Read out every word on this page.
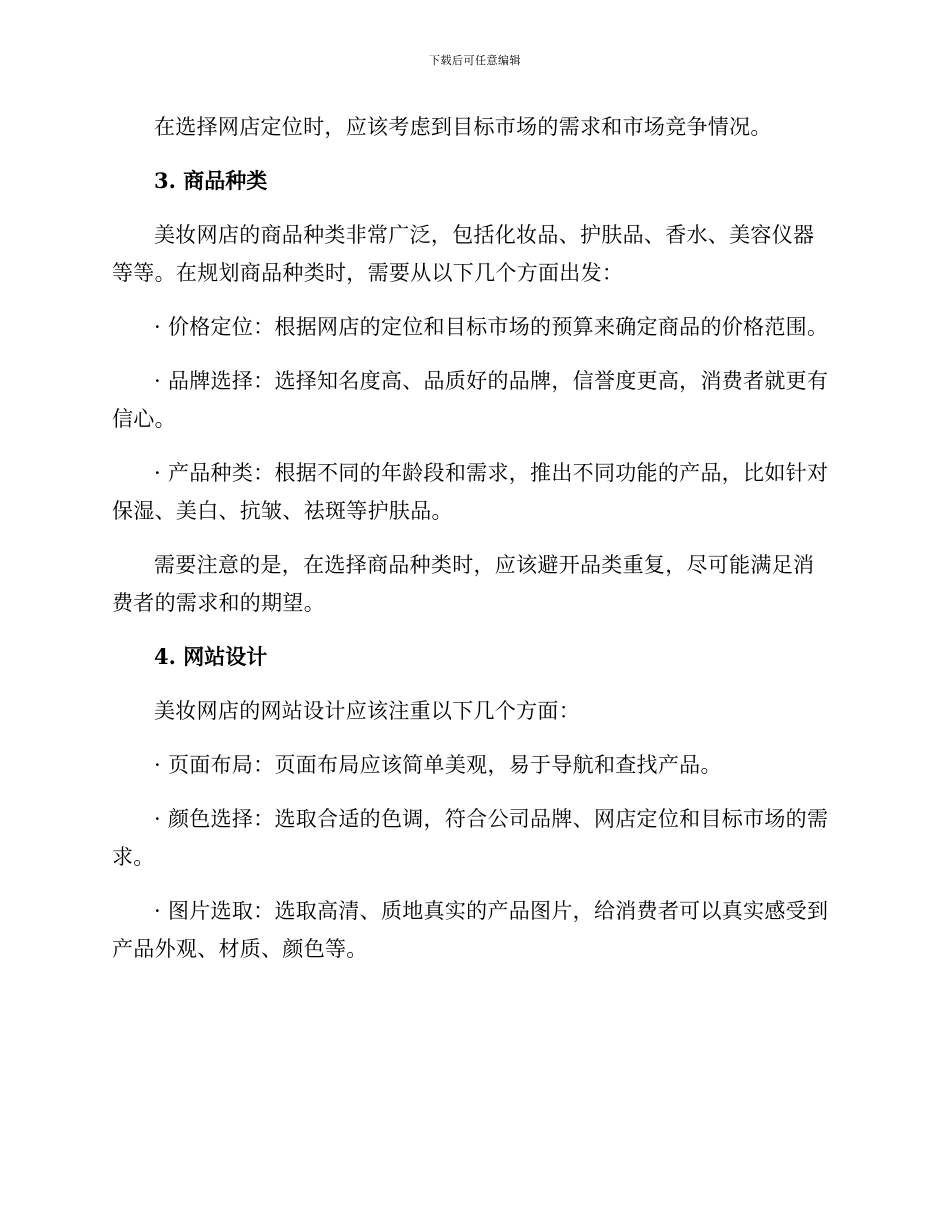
下载后可任意编辑

在选择网店定位时，应该考虑到目标市场的需求和市场竞争情况。

3. 商品种类

美妆网店的商品种类非常广泛，包括化妆品、护肤品、香水、美容仪器等等。在规划商品种类时，需要从以下几个方面出发：

· 价格定位：根据网店的定位和目标市场的预算来确定商品的价格范围。

· 品牌选择：选择知名度高、品质好的品牌，信誉度更高，消费者就更有信心。

· 产品种类：根据不同的年龄段和需求，推出不同功能的产品，比如针对保湿、美白、抗皱、祛斑等护肤品。

需要注意的是，在选择商品种类时，应该避开品类重复，尽可能满足消费者的需求和的期望。

4. 网站设计

美妆网店的网站设计应该注重以下几个方面：

· 页面布局：页面布局应该简单美观，易于导航和查找产品。

· 颜色选择：选取合适的色调，符合公司品牌、网店定位和目标市场的需求。

· 图片选取：选取高清、质地真实的产品图片，给消费者可以真实感受到产品外观、材质、颜色等。
